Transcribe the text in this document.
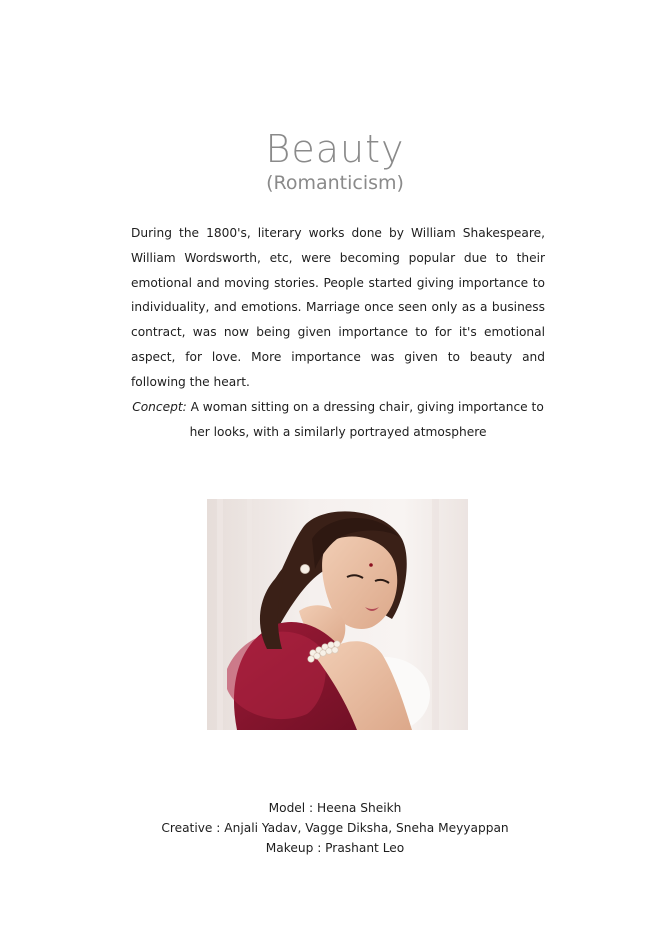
Beauty
(Romanticism)
During the 1800's, literary works done by William Shakespeare, William Wordsworth, etc, were becoming popular due to their emotional and moving stories. People started giving importance to individuality, and emotions. Marriage once seen only as a business contract, was now being given importance to for it's emotional aspect, for love. More importance was given to beauty and following the heart.
Concept: A woman sitting on a dressing chair, giving importance to her looks, with a similarly portrayed atmosphere
Model : Heena Sheikh
Creative : Anjali Yadav, Vagge Diksha, Sneha Meyyappan
Makeup : Prashant Leo
